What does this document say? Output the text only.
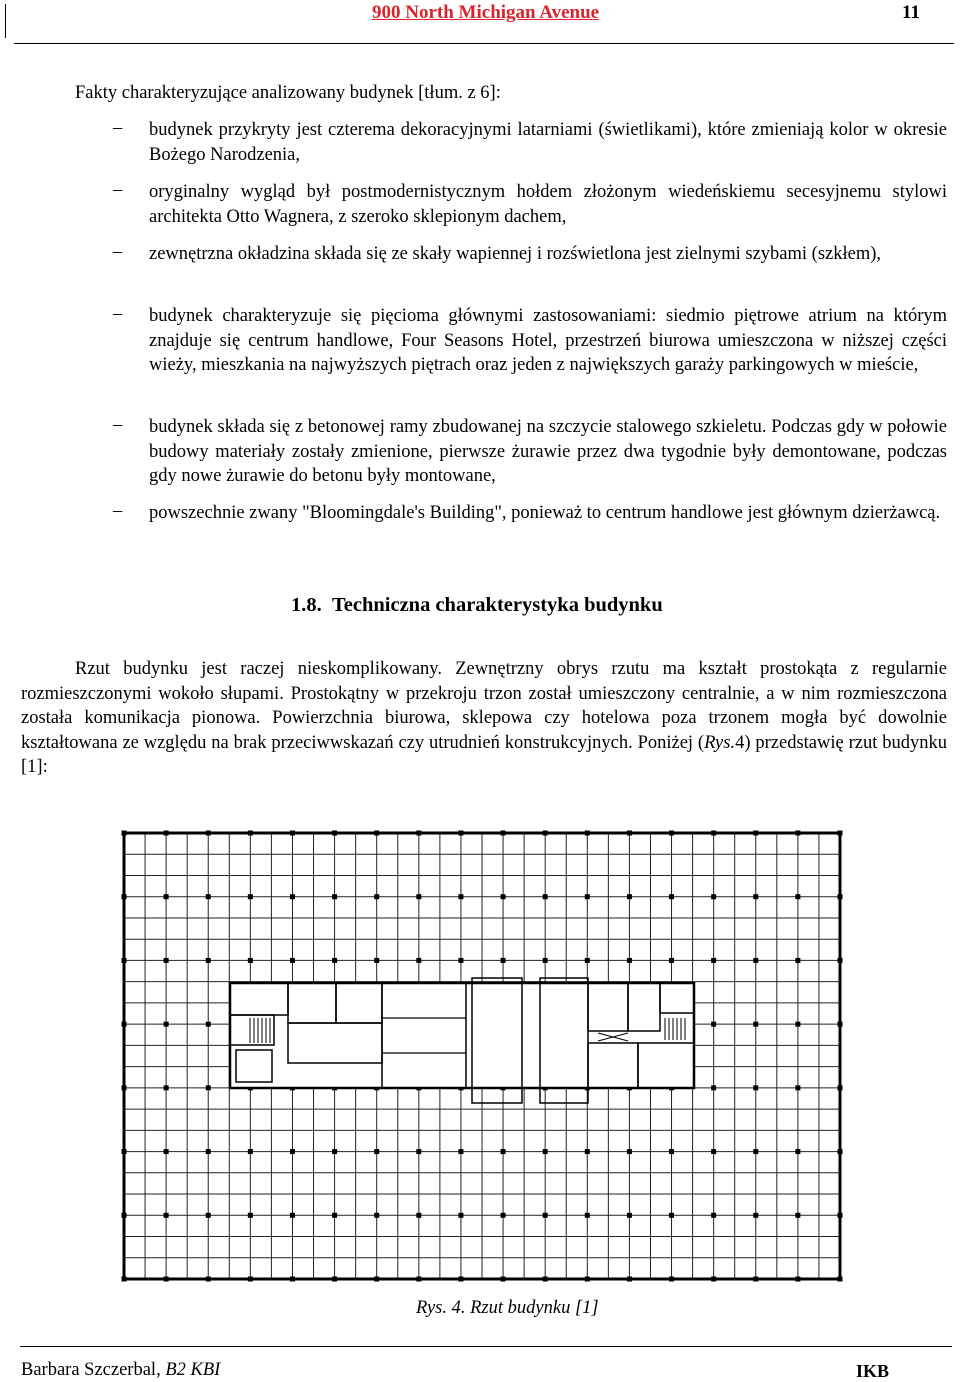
900 North Michigan Avenue	11
Fakty charakteryzujące analizowany budynek [tłum. z 6]:
– budynek przykryty jest czterema dekoracyjnymi latarniami (świetlikami), które zmieniają kolor w okresie Bożego Narodzenia,
– oryginalny wygląd był postmodernistycznym hołdem złożonym wiedeńskiemu secesyjnemu stylowi architekta Otto Wagnera, z szeroko sklepionym dachem,
– zewnętrzna okładzina składa się ze skały wapiennej i rozświetlona jest zielnymi szybami (szkłem),
– budynek charakteryzuje się pięcioma głównymi zastosowaniami: siedmio piętrowe atrium na którym znajduje się centrum handlowe, Four Seasons Hotel, przestrzeń biurowa umieszczona w niższej części wieży, mieszkania na najwyższych piętrach oraz jeden z największych garaży parkingowych w mieście,
– budynek składa się z betonowej ramy zbudowanej na szczycie stalowego szkieletu. Podczas gdy w połowie budowy materiały zostały zmienione, pierwsze żurawie przez dwa tygodnie były demontowane, podczas gdy nowe żurawie do betonu były montowane,
– powszechnie zwany "Bloomingdale's Building", ponieważ to centrum handlowe jest głównym dzierżawcą.
1.8. Techniczna charakterystyka budynku
Rzut budynku jest raczej nieskomplikowany. Zewnętrzny obrys rzutu ma kształt prostokąta z regularnie rozmieszczonymi wokoło słupami. Prostokątny w przekroju trzon został umieszczony centralnie, a w nim rozmieszczona została komunikacja pionowa. Powierzchnia biurowa, sklepowa czy hotelowa poza trzonem mogła być dowolnie kształtowana ze względu na brak przeciwwskazań czy utrudnień konstrukcyjnych. Poniżej (Rys.4) przedstawię rzut budynku [1]:
Rys. 4. Rzut budynku [1]
Barbara Szczerbal, B2 KBI	IKB
